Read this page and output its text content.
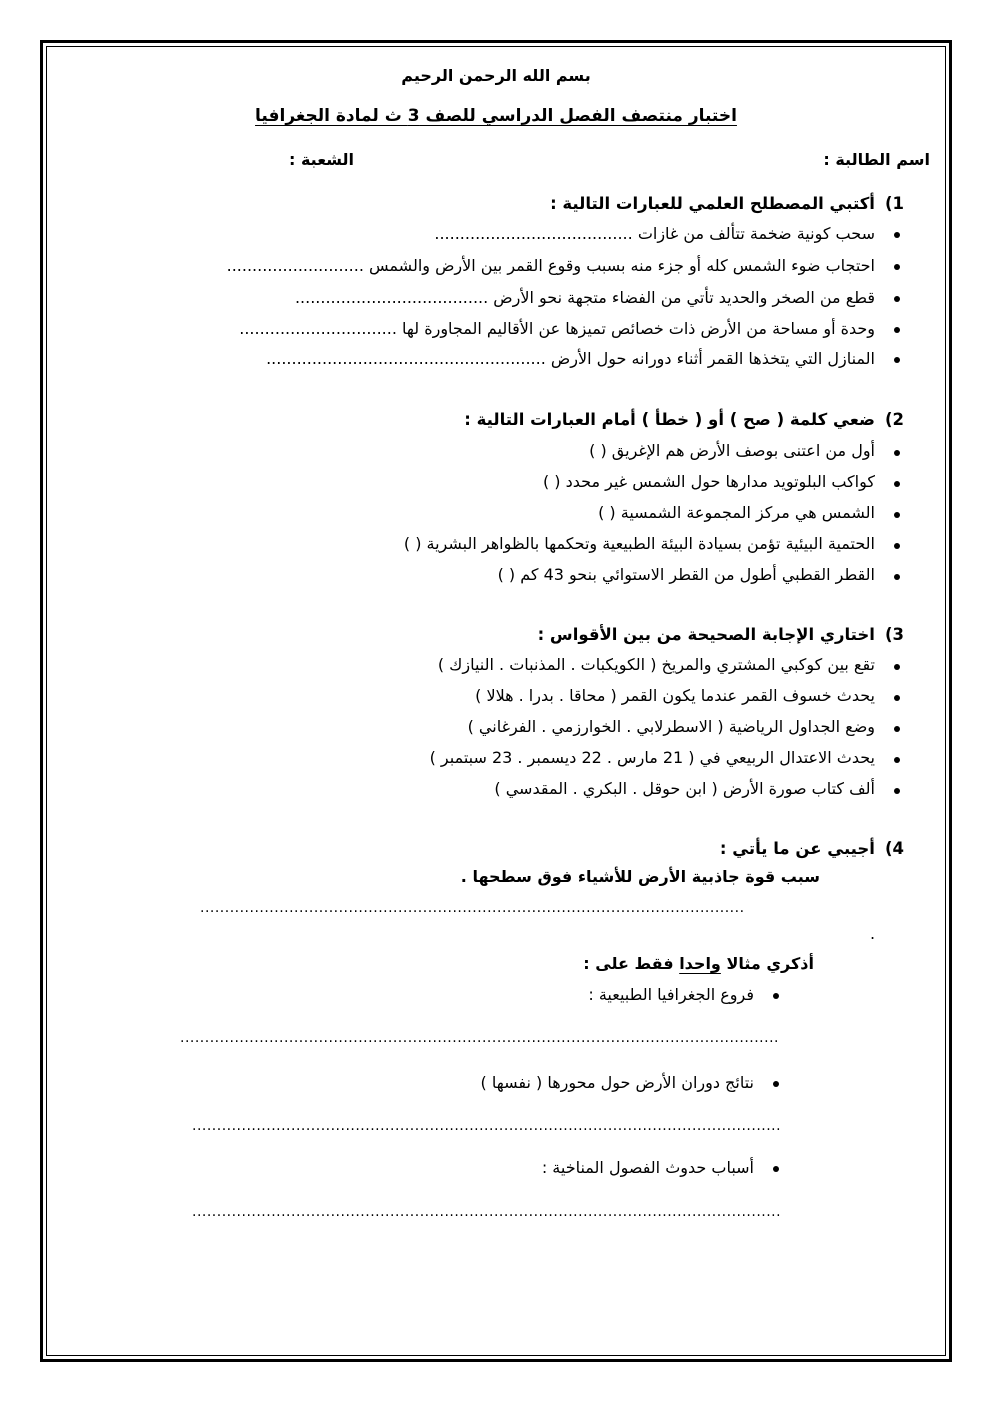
بسم الله الرحمن الرحيم
اختبار منتصف الفصل الدراسي للصف 3 ث لمادة الجغرافيا
اسم الطالبة :
الشعبة :
1)أكتبي المصطلح العلمي للعبارات التالية :
سحب كونية ضخمة تتألف من غازات .......................................
احتجاب ضوء الشمس كله أو جزء منه بسبب وقوع القمر بين الأرض والشمس ...........................
قطع من الصخر والحديد تأتي من الفضاء متجهة نحو الأرض ......................................
وحدة أو مساحة من الأرض ذات خصائص تميزها عن الأقاليم المجاورة لها ...............................
المنازل التي يتخذها القمر أثناء دورانه حول الأرض .......................................................
2)ضعي كلمة ( صح ) أو ( خطأ ) أمام العبارات التالية :
أول من اعتنى بوصف الأرض هم الإغريق ( )
كواكب البلوتويد مدارها حول الشمس غير محدد ( )
الشمس هي مركز المجموعة الشمسية ( )
الحتمية البيئية تؤمن بسيادة البيئة الطبيعية وتحكمها بالظواهر البشرية ( )
القطر القطبي أطول من القطر الاستوائي بنحو 43 كم ( )
3)اختاري الإجابة الصحيحة من بين الأقواس :
تقع بين كوكبي المشتري والمريخ ( الكويكبات . المذنبات . النيازك )
يحدث خسوف القمر عندما يكون القمر ( محاقا . بدرا . هلالا )
وضع الجداول الرياضية ( الاسطرلابي . الخوارزمي . الفرغاني )
يحدث الاعتدال الربيعي في ( 21 مارس . 22 ديسمبر . 23 سبتمبر )
ألف كتاب صورة الأرض ( ابن حوقل . البكري . المقدسي )
4)أجيبي عن ما يأتي :
سبب قوة جاذبية الأرض للأشياء فوق سطحها .
..............................................................................................................
.
أذكري مثالا واحدا فقط على :
فروع الجغرافيا الطبيعية :
.........................................................................................................................
نتائج دوران الأرض حول محورها ( نفسها )
.......................................................................................................................
أسباب حدوث الفصول المناخية :
.......................................................................................................................
